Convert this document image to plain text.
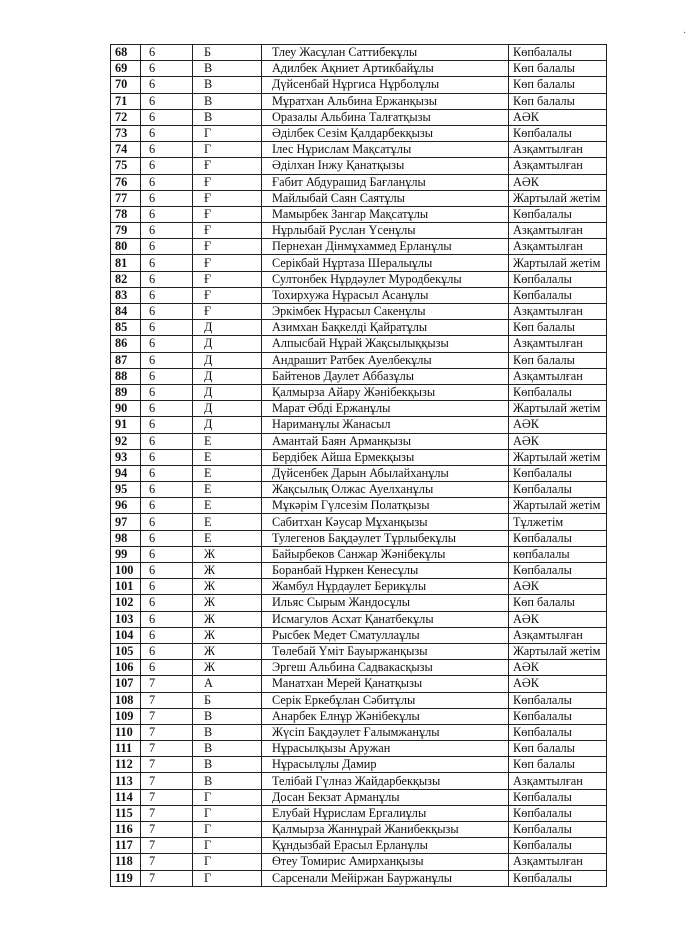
·
68	6	Б	Тлеу Жасұлан Саттибекұлы	Көпбалалы
69	6	В	Адилбек Ақниет Артикбайұлы	Көп балалы
70	6	В	Дүйсенбай Нұргиса Нұрболұлы	Көп балалы
71	6	В	Мұратхан Альбина Ержанқызы	Көп балалы
72	6	В	Оразалы Альбина Талғатқызы	АӘК
73	6	Г	Әділбек Сезім Қалдарбекқызы	Көпбалалы
74	6	Г	Ілес Нұрислам Мақсатұлы	Азқамтылған
75	6	Ғ	Әділхан Інжу Қанатқызы	Азқамтылған
76	6	Ғ	Ғабит Абдурашид Бағланұлы	АӘК
77	6	Ғ	Майлыбай Саян Саятұлы	Жартылай жетім
78	6	Ғ	Мамырбек Зангар Мақсатұлы	Көпбалалы
79	6	Ғ	Нұрлыбай Руслан Үсенұлы	Азқамтылған
80	6	Ғ	Пернехан Дінмұхаммед Ерланұлы	Азқамтылған
81	6	Ғ	Серікбай Нұртаза Шералыұлы	Жартылай жетім
82	6	Ғ	Султонбек Нұрдәулет Муродбекұлы	Көпбалалы
83	6	Ғ	Тохирхужа Нұрасыл Асанұлы	Көпбалалы
84	6	Ғ	Эркімбек Нұрасыл Сакенұлы	Азқамтылған
85	6	Д	Азимхан Бақкелді Қайратұлы	Көп балалы
86	6	Д	Алпысбай Нұрай Жақсылыққызы	Азқамтылған
87	6	Д	Андрашит Ратбек Ауелбекұлы	Көп балалы
88	6	Д	Байтенов Даулет Аббазұлы	Азқамтылған
89	6	Д	Қалмырза Айару Жәнібекқызы	Көпбалалы
90	6	Д	Марат Әбді Ержанұлы	Жартылай жетім
91	6	Д	Нариманұлы Жанасыл	АӘК
92	6	Е	Амантай Баян Арманқызы	АӘК
93	6	Е	Бердібек Айша Ермекқызы	Жартылай жетім
94	6	Е	Дүйсенбек Дарын Абылайханұлы	Көпбалалы
95	6	Е	Жақсылық Олжас Ауелханұлы	Көпбалалы
96	6	Е	Мұкәрім Гүлсезім Полатқызы	Жартылай жетім
97	6	Е	Сабитхан Кәусар Мұханқызы	Тұлжетім
98	6	Е	Тулегенов Бақдәулет Тұрлыбекұлы	Көпбалалы
99	6	Ж	Байырбеков Санжар Жәнібекұлы	көпбалалы
100	6	Ж	Боранбай Нұркен Кенесұлы	Көпбалалы
101	6	Ж	Жамбул Нұрдаулет Берикұлы	АӘК
102	6	Ж	Ильяс Сырым Жандосұлы	Көп балалы
103	6	Ж	Исмагулов Асхат Қанатбекұлы	АӘК
104	6	Ж	Рысбек Медет Сматуллаұлы	Азқамтылған
105	6	Ж	Төлебай Үміт Бауыржанқызы	Жартылай жетім
106	6	Ж	Эргеш Альбина Садвакасқызы	АӘК
107	7	А	Манатхан Мерей Қанатқызы	АӘК
108	7	Б	Серік Еркебұлан Сәбитұлы	Көпбалалы
109	7	В	Анарбек Елнұр Жәнібекұлы	Көпбалалы
110	7	В	Жүсіп Бақдәулет Ғалымжанұлы	Көпбалалы
111	7	В	Нұрасылқызы Аружан	Көп балалы
112	7	В	Нұрасылұлы Дамир	Көп балалы
113	7	В	Телібай Гүлназ Жайдарбекқызы	Азқамтылған
114	7	Г	Досан Бекзат Арманұлы	Көпбалалы
115	7	Г	Елубай Нұрислам Ергалиұлы	Көпбалалы
116	7	Г	Қалмырза Жаннұрай Жанибекқызы	Көпбалалы
117	7	Г	Құндызбай Ерасыл Ерланұлы	Көпбалалы
118	7	Г	Өтеу Томирис Амирханқызы	Азқамтылған
119	7	Г	Сарсенали Мейіржан Бауржанұлы	Көпбалалы
